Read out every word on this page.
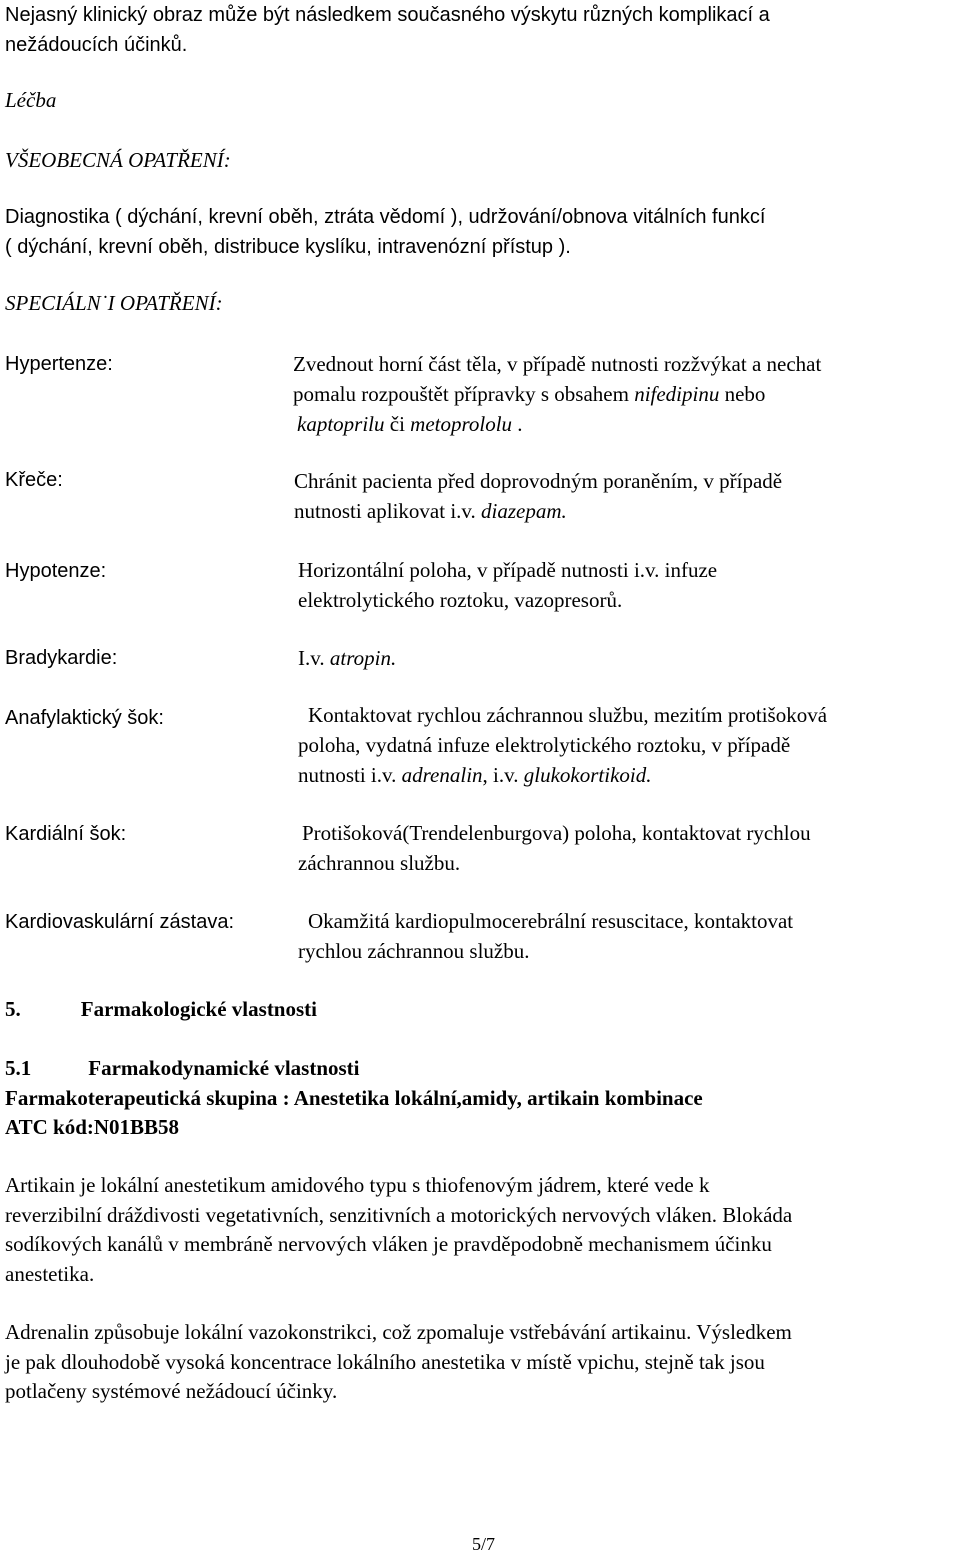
Nejasný klinický obraz může být následkem současného výskytu různých komplikací a
nežádoucích účinků.
Léčba
VŠEOBECNÁ OPATŘENÍ:
Diagnostika ( dýchání, krevní oběh, ztráta vědomí ), udržování/obnova vitálních funkcí
( dýchání, krevní oběh, distribuce kyslíku, intravenózní přístup ).
SPECIÁLN˙I OPATŘENÍ:
Hypertenze:
Křeče:
Hypotenze:
Bradykardie:
Anafylaktický šok:
Kardiální šok:
Kardiovaskulární zástava:

Zvednout horní část těla, v případě nutnosti rozžvýkat a nechat

pomalu rozpouštět přípravky s obsahem nifedipinu nebo

kaptoprilu či metoprololu .

Chránit pacienta před doprovodným poraněním, v případě

nutnosti aplikovat i.v. diazepam.

Horizontální poloha, v případě nutnosti i.v. infuze

elektrolytického roztoku, vazopresorů.

I.v. atropin.

Kontaktovat rychlou záchrannou službu, mezitím protišoková

poloha, vydatná infuze elektrolytického roztoku, v případě

nutnosti i.v. adrenalin, i.v. glukokortikoid.

Protišoková(Trendelenburgova) poloha, kontaktovat rychlou

záchrannou službu.

Okamžitá kardiopulmocerebrální resuscitace, kontaktovat

rychlou záchrannou službu.

5.	Farmakologické vlastnosti
5.1	Farmakodynamické vlastnosti
Farmakoterapeutická skupina : Anestetika lokální,amidy, artikain kombinace
ATC kód:N01BB58
Artikain je lokální anestetikum amidového typu s thiofenovým jádrem, které vede k
reverzibilní dráždivosti vegetativních, senzitivních a motorických nervových vláken. Blokáda
sodíkových kanálů v membráně nervových vláken je pravděpodobně mechanismem účinku
anestetika.
Adrenalin způsobuje lokální vazokonstrikci, což zpomaluje vstřebávání artikainu. Výsledkem
je pak dlouhodobě vysoká koncentrace lokálního anestetika v místě vpichu, stejně tak jsou
potlačeny systémové nežádoucí účinky.
5/7
